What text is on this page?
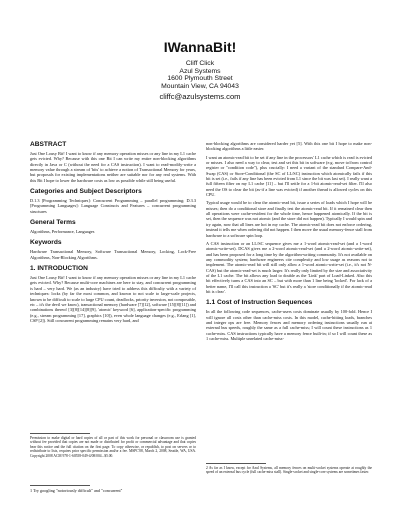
IWannaBit!
Cliff Click
Azul Systems
1600 Plymouth Street
Mountain View, CA 94043
cliffc@azulsystems.com
ABSTRACT

Just One Lousy Bit! I want to know if any memory operation misses or any line in my L1 cache gets evicted. Why? Because with this one Bit I can write my entire non-blocking algorithms directly in Java or C (without the need for a CAS instruction). I want to read-modify-write a memory value through a stream of 'bits' to achieve a notion of Transactional Memory for years, but proposals for existing implementations neither are suitable nor for any real systems. With this Bit I hope to lower the hardware costs as low as possible while still being useful.

Categories and Subject Descriptors

D.1.3 [Programming Techniques]: Concurrent Programming – parallel programming; D.3.3 [Programming Languages]: Language Constructs and Features – concurrent programming structures

General Terms

Algorithms, Performance, Languages

Keywords

Hardware Transactional Memory, Software Transactional Memory, Locking, Lock-Free Algorithms, Non-Blocking Algorithms.

1. INTRODUCTION

Just One Lousy Bit! I want to know if any memory operation misses or any line in my L1 cache gets evicted. Why? Because multi-core machines are here to stay, and concurrent programming is hard – very hard. We (as an industry) have tried to address this difficulty with a variety of techniques: locks (by far the most common, and known to not scale to large-scale projects, known to be difficult to scale to large CPU count, deadlocks, priority inversion, not composable, etc – it's the devil we know), transactional memory (hardware [7][12], software [15][8][11]) and combinations thereof [3][8][14][8][9], 'atomic' keyword [6], application-specific programming (e.g., stream programming [17], graphics [10]), even whole language changes (e.g., Erlang [1], CSP [2]). Still concurrent programming remains very hard, and

Permission to make digital or hard copies of all or part of this work for personal or classroom use is granted without fee provided that copies are not made or distributed for profit or commercial advantage and that copies bear this notice and the full citation on the first page. To copy otherwise, or republish, to post on servers or to redistribute to lists, requires prior specific permission and/or a fee. MSPC'08, March 2, 2008, Seattle, WA, USA. Copyright 2008 ACM 978-1-60558-049-4/08/004...$5.00.
1 Try googling "notoriously difficult" and "concurrent"

non-blocking algorithms are considered harder yet [5]. With this one bit I hope to make non-blocking algorithms a little easier.

I want an atomic-read bit to be set if any line in the processors' L1 cache which is read is evicted or misses. I also need a way to clear, test and set this bit in software (e.g. move to/from control register or "condition code"), plus crucially: I need a variant of the standard Compare-And-Swap (CAS) or Store-Conditional (the SC of LL/SC) instruction which atomically fails if this bit is set (i.e., fails if any line has been evicted from L1 since the bit was last set). I really want a full fifteen filter on my L1 cache [11] – but I'll settle for a 1-bit atomic-read-set filter. I'll also need the OS to clear the bit (as-if a line was evicted) if another thread is allowed cycles on this CPU.

Typical usage would be to clear the atomic-read bit, issue a series of loads which I hope will be misses; then do a conditional store and finally test the atomic-read bit. If it remained clear then all operations were cache-resident for the whole time, hence happened atomically. If the bit is set, then the sequence was not atomic (and the store did not happen). Typically I would spin and try again, now that all lines are hot in my cache. The atomic-read bit does not enforce ordering, instead it tells me when ordering did not happen. I then move the usual memory-fence stall from hardware to a software spin loop.

A CAS instruction or an LL/SC sequence gives me a 1-word atomic-read-set (and a 1-word atomic-write-set). DCAS gives me a 2-word atomic-read-set (and a 2-word atomic-write-set), and has been proposed for a long time by the algorithm-writing community. It's not available on any commodity system; hardware engineers cite complexity and low usage as reasons not to implement. The atomic-read bit will still only allow a 1-word atomic-write-set (i.e., it's not N-CAS) but the atomic-read-set is much larger. It's really only limited by the size and associativity of the L1 cache. The bit allows any load to double as the 'Link' part of Load-Linked. Also this bit effectively turns a CAS into an SC – but with more than 1 line being 'locked'. For lack of a better name, I'll call this instruction a 'SC' but it's really a 'store conditionally if the atomic-read bit is clear'.

1.1 Cost of Instruction Sequences

In all the following code sequences, cache-users costs dominate usually by 100-fold. Hence I will ignore all costs other than cache-miss costs. In this model, cache-hitting loads, branches and integer ops are free. Memory fences and memory ordering instructions usually run at external bus speeds, roughly the same as a full cache-miss; I will count these instructions as 1 cache-miss. CAS instructions typically have a memory fence built-in; if so I will count these as 1 cache-miss. Multiple unrelated cache-miss-

2 As far as I know, except for Azul Systems, all memory fences on multi-socket systems operate at roughly the speed of an external bus cycle (full cache-miss stall). Single-socket and single-core systems are sometimes faster.
